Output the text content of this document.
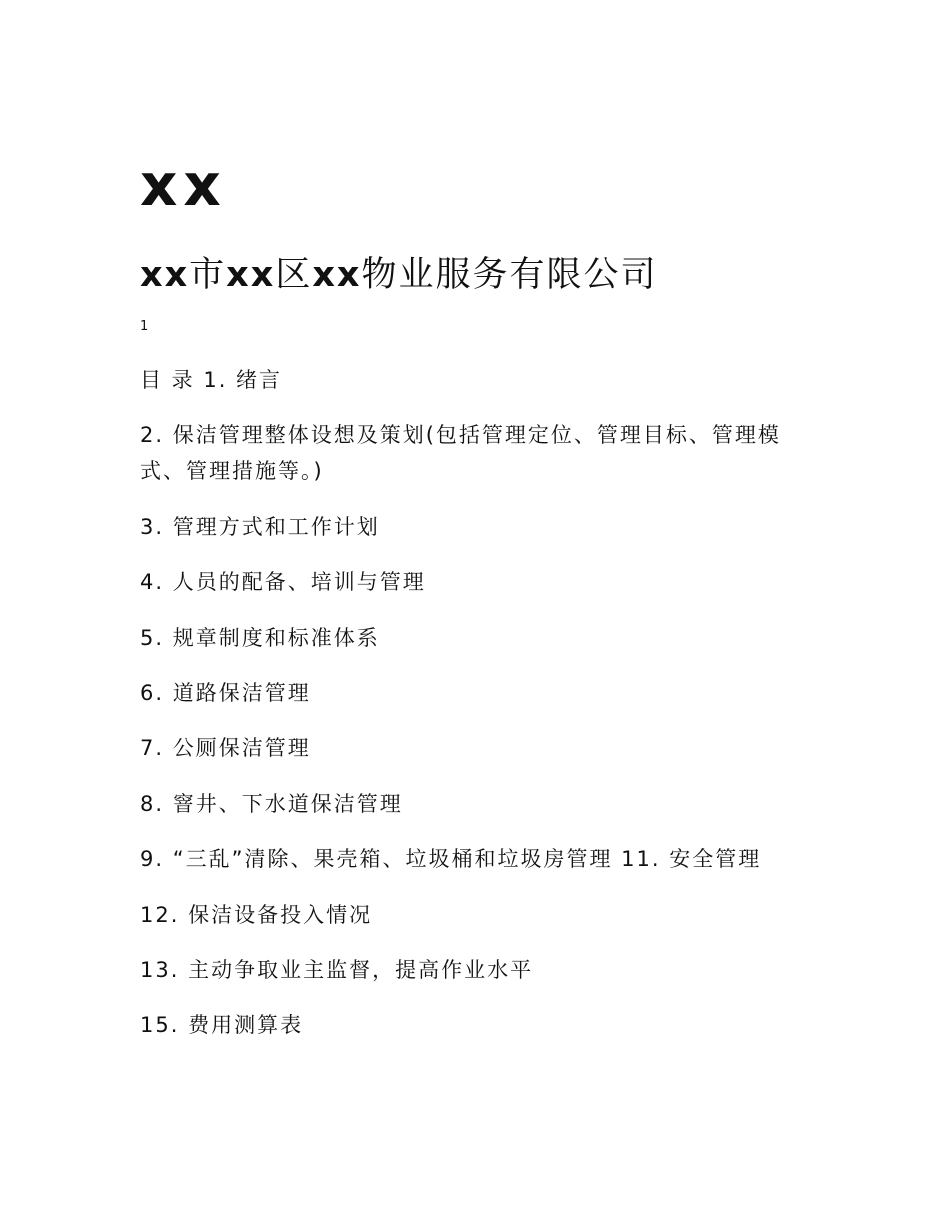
xx
xx市xx区xx物业服务有限公司
1
目 录 1. 绪言
2. 保洁管理整体设想及策划(包括管理定位、管理目标、管理模式、管理措施等。)
3. 管理方式和工作计划
4. 人员的配备、培训与管理
5. 规章制度和标准体系
6. 道路保洁管理
7. 公厕保洁管理
8. 窨井、下水道保洁管理
9. “三乱”清除、果壳箱、垃圾桶和垃圾房管理 11. 安全管理
12. 保洁设备投入情况
13. 主动争取业主监督，提高作业水平
15. 费用测算表
